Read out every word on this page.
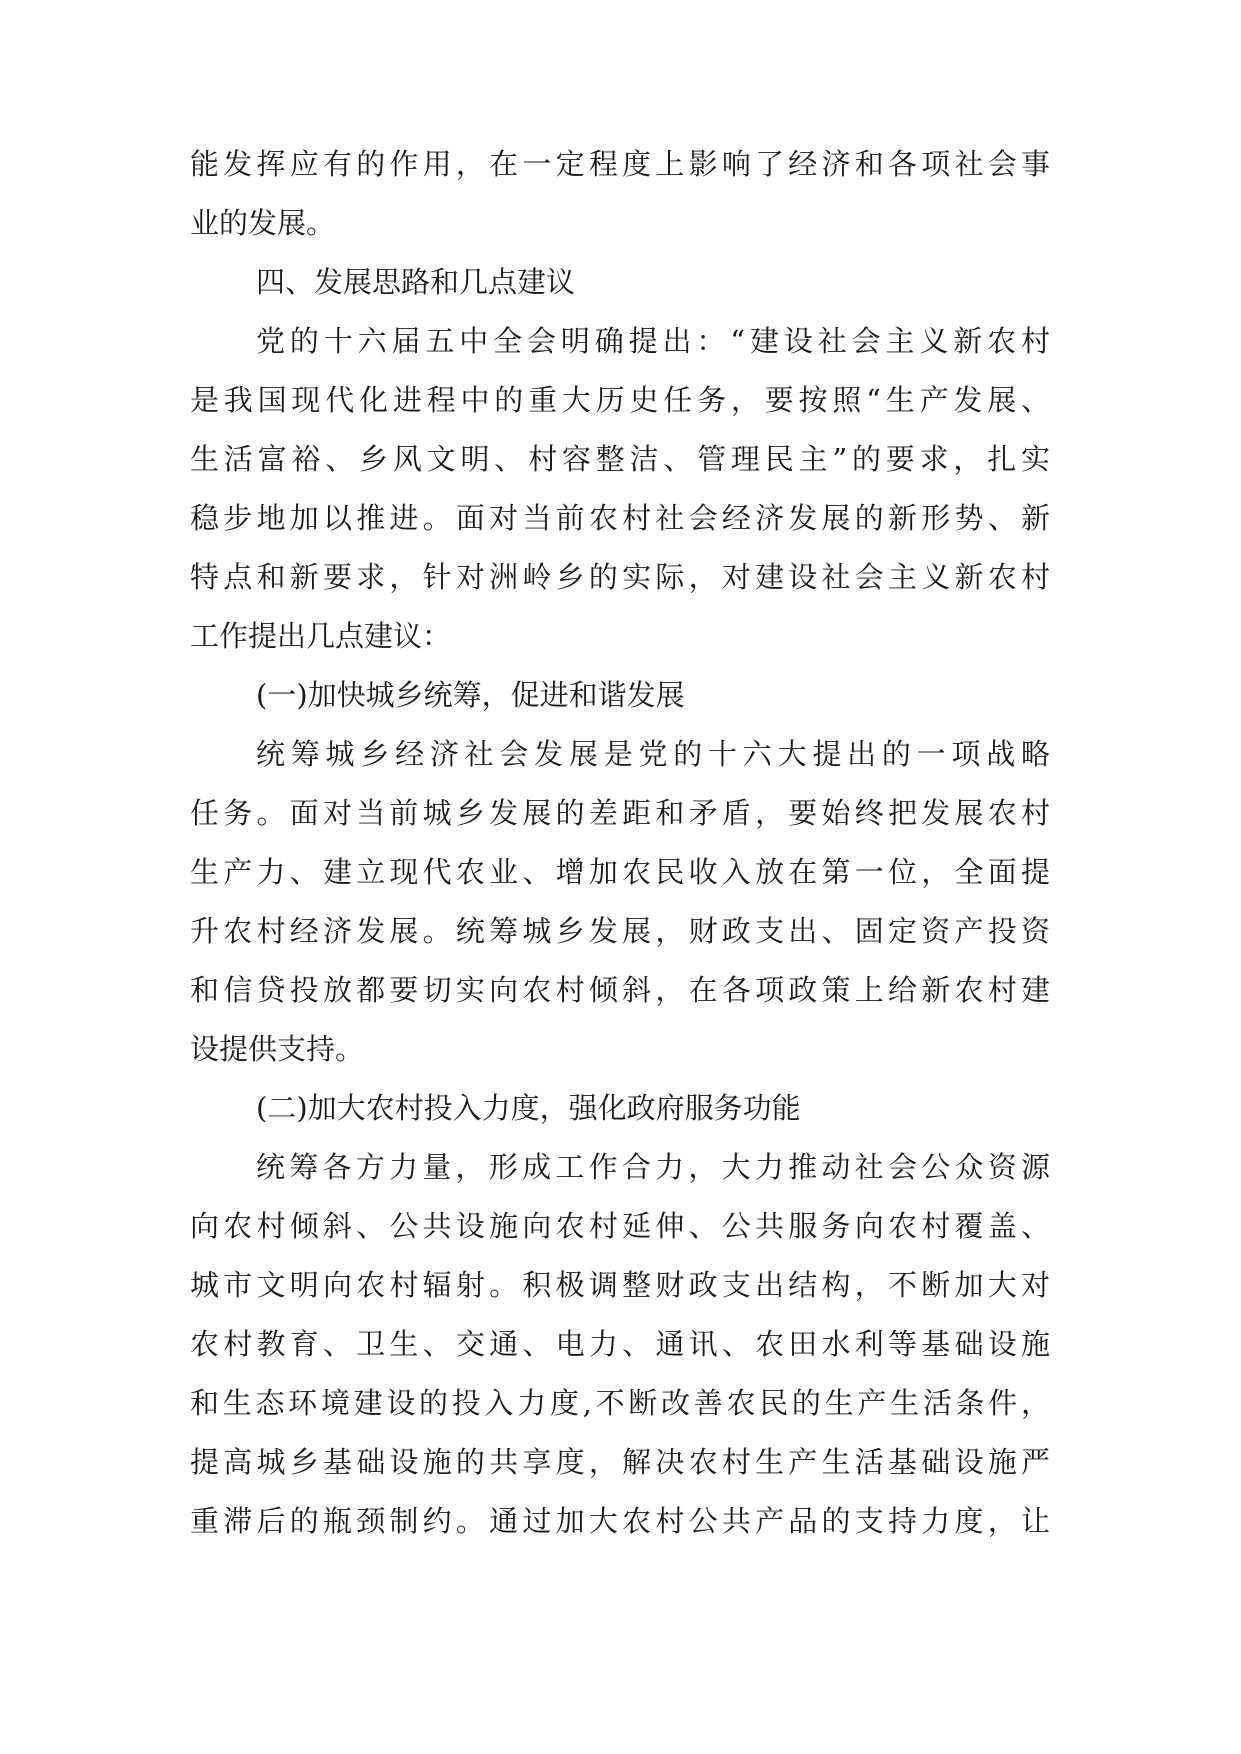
能发挥应有的作用，在一定程度上影响了经济和各项社会事
业的发展。
四、发展思路和几点建议
党的十六届五中全会明确提出：“建设社会主义新农村
是我国现代化进程中的重大历史任务，要按照“生产发展、
生活富裕、乡风文明、村容整洁、管理民主”的要求，扎实
稳步地加以推进。面对当前农村社会经济发展的新形势、新
特点和新要求，针对洲岭乡的实际，对建设社会主义新农村
工作提出几点建议：
(一)加快城乡统筹，促进和谐发展
统筹城乡经济社会发展是党的十六大提出的一项战略
任务。面对当前城乡发展的差距和矛盾，要始终把发展农村
生产力、建立现代农业、增加农民收入放在第一位，全面提
升农村经济发展。统筹城乡发展，财政支出、固定资产投资
和信贷投放都要切实向农村倾斜，在各项政策上给新农村建
设提供支持。
(二)加大农村投入力度，强化政府服务功能
统筹各方力量，形成工作合力，大力推动社会公众资源
向农村倾斜、公共设施向农村延伸、公共服务向农村覆盖、
城市文明向农村辐射。积极调整财政支出结构，不断加大对
农村教育、卫生、交通、电力、通讯、农田水利等基础设施
和生态环境建设的投入力度,不断改善农民的生产生活条件，
提高城乡基础设施的共享度，解决农村生产生活基础设施严
重滞后的瓶颈制约。通过加大农村公共产品的支持力度，让
